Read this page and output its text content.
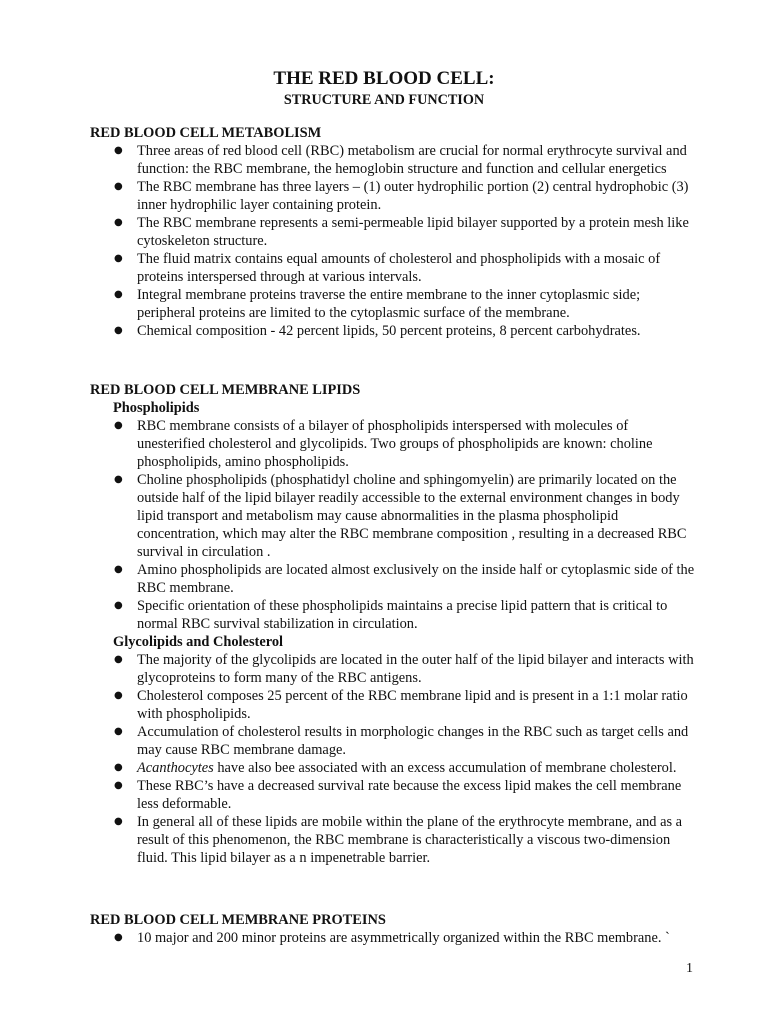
THE RED BLOOD CELL:
STRUCTURE AND FUNCTION
RED BLOOD CELL METABOLISM
● Three areas of red blood cell (RBC) metabolism are crucial for normal erythrocyte survival and function: the RBC membrane, the hemoglobin structure and function and cellular energetics
● The RBC membrane has three layers – (1) outer hydrophilic portion (2) central hydrophobic (3) inner hydrophilic layer containing protein.
● The RBC membrane represents a semi-permeable lipid bilayer supported by a protein mesh like cytoskeleton structure.
● The fluid matrix contains equal amounts of cholesterol and phospholipids with a mosaic of proteins interspersed through at various intervals.
● Integral membrane proteins traverse the entire membrane to the inner cytoplasmic side; peripheral proteins are limited to the cytoplasmic surface of the membrane.
● Chemical composition - 42 percent lipids, 50 percent proteins, 8 percent carbohydrates.
RED BLOOD CELL MEMBRANE LIPIDS
Phospholipids
● RBC membrane consists of a bilayer of phospholipids interspersed with molecules of unesterified cholesterol and glycolipids. Two groups of phospholipids are known: choline phospholipids, amino phospholipids.
● Choline phospholipids (phosphatidyl choline and sphingomyelin) are primarily located on the outside half of the lipid bilayer readily accessible to the external environment changes in body lipid transport and metabolism may cause abnormalities in the plasma phospholipid concentration, which may alter the RBC membrane composition , resulting in a decreased RBC survival in circulation .
● Amino phospholipids are located almost exclusively on the inside half or cytoplasmic side of the RBC membrane.
● Specific orientation of these phospholipids maintains a precise lipid pattern that is critical to normal RBC survival stabilization in circulation.
Glycolipids and Cholesterol
● The majority of the glycolipids are located in the outer half of the lipid bilayer and interacts with glycoproteins to form many of the RBC antigens.
● Cholesterol composes 25 percent of the RBC membrane lipid and is present in a 1:1 molar ratio with phospholipids.
● Accumulation of cholesterol results in morphologic changes in the RBC such as target cells and may cause RBC membrane damage.
● Acanthocytes have also bee associated with an excess accumulation of membrane cholesterol.
● These RBC’s have a decreased survival rate because the excess lipid makes the cell membrane less deformable.
● In general all of these lipids are mobile within the plane of the erythrocyte membrane, and as a result of this phenomenon, the RBC membrane is characteristically a viscous two-dimension fluid. This lipid bilayer as a n impenetrable barrier.
RED BLOOD CELL MEMBRANE PROTEINS
● 10 major and 200 minor proteins are asymmetrically organized within the RBC membrane. `
1
